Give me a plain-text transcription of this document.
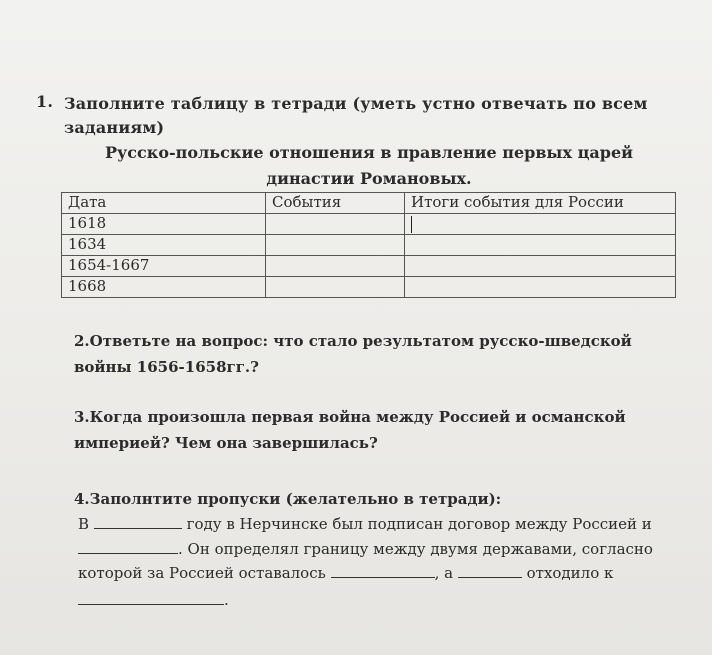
1. Заполните таблицу в тетради (уметь устно отвечать по всем заданиям)
Русско-польские отношения в правление первых царей династии Романовых.
Дата	События	Итоги события для России
1618		
1634		
1654-1667		
1668		
2.Ответьте на вопрос: что стало результатом русско-шведской войны 1656-1658гг.?
3.Когда произошла первая война между Россией и османской империей? Чем она завершилась?
4.Заполнтите пропуски (желательно в тетради):
В	году в Нерчинске был подписан договор между Россией и
. Он определял границу между двумя державами, согласно
которой за Россией оставалось	, а	отходило к
.
